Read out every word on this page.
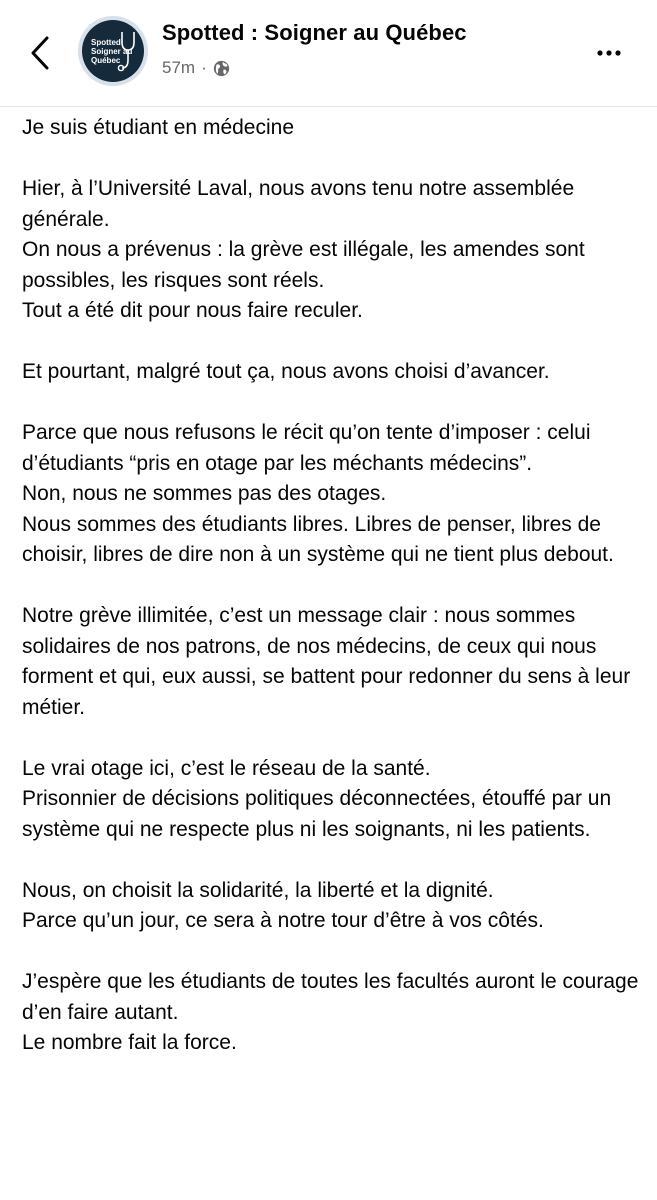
Spotted:
Soigner au
Québec
Spotted : Soigner au Québec
57m ·

Je suis étudiant en médecine

Hier, à l’Université Laval, nous avons tenu notre assemblée générale.
On nous a prévenus : la grève est illégale, les amendes sont possibles, les risques sont réels.
Tout a été dit pour nous faire reculer.

Et pourtant, malgré tout ça, nous avons choisi d’avancer.

Parce que nous refusons le récit qu’on tente d’imposer : celui d’étudiants “pris en otage par les méchants médecins”.
Non, nous ne sommes pas des otages.
Nous sommes des étudiants libres. Libres de penser, libres de choisir, libres de dire non à un système qui ne tient plus debout.

Notre grève illimitée, c’est un message clair : nous sommes solidaires de nos patrons, de nos médecins, de ceux qui nous forment et qui, eux aussi, se battent pour redonner du sens à leur métier.

Le vrai otage ici, c’est le réseau de la santé.
Prisonnier de décisions politiques déconnectées, étouffé par un système qui ne respecte plus ni les soignants, ni les patients.

Nous, on choisit la solidarité, la liberté et la dignité.
Parce qu’un jour, ce sera à notre tour d’être à vos côtés.

J’espère que les étudiants de toutes les facultés auront le courage d’en faire autant.
Le nombre fait la force.
